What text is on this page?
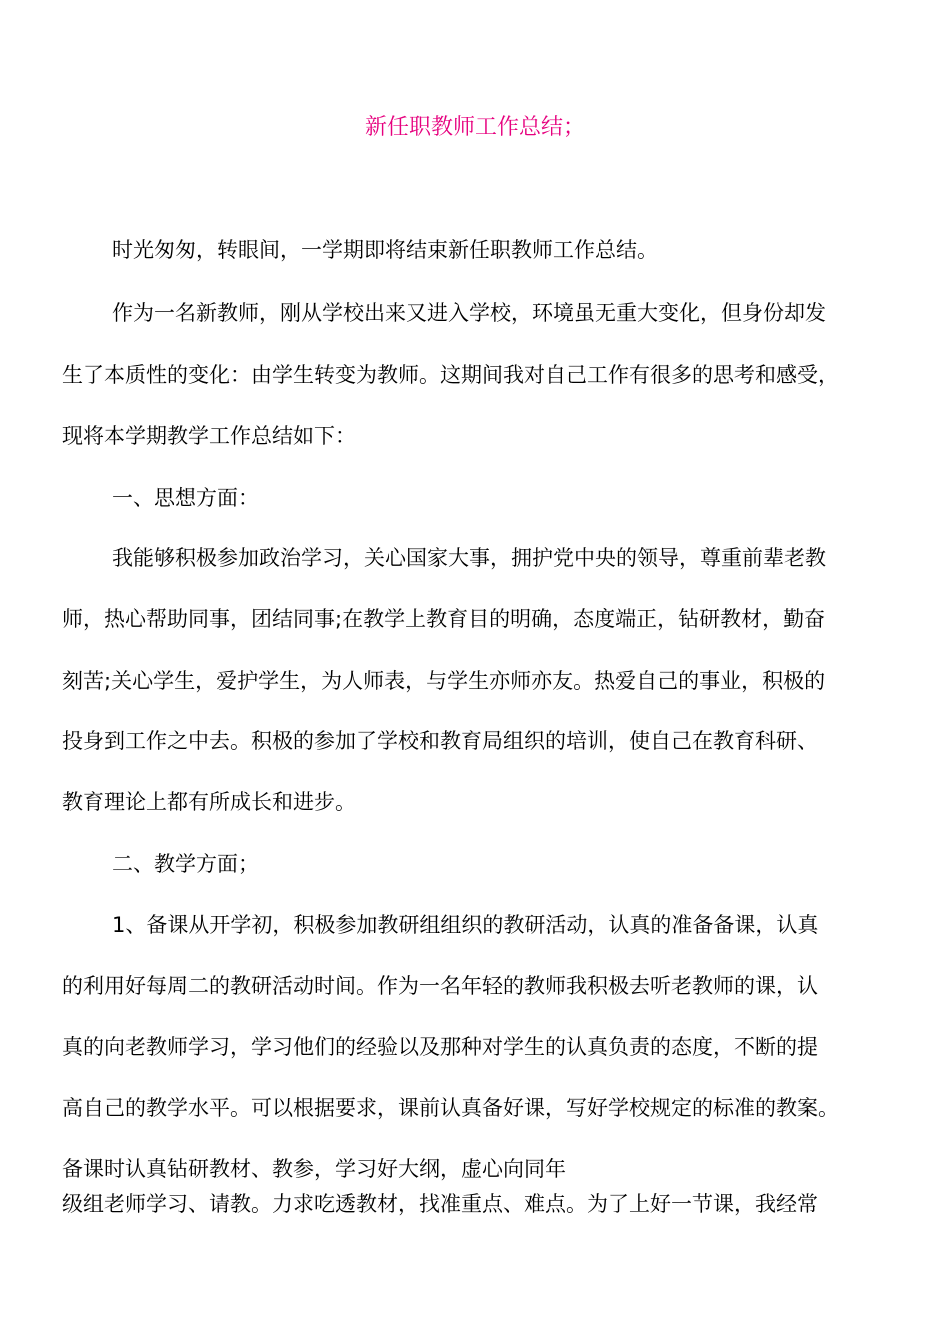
新任职教师工作总结；

时光匆匆，转眼间，一学期即将结束新任职教师工作总结。

作为一名新教师，刚从学校出来又进入学校，环境虽无重大变化，但身份却发

生了本质性的变化：由学生转变为教师。这期间我对自己工作有很多的思考和感受，

现将本学期教学工作总结如下：

一、思想方面：

我能够积极参加政治学习，关心国家大事，拥护党中央的领导，尊重前辈老教

师，热心帮助同事，团结同事;在教学上教育目的明确，态度端正，钻研教材，勤奋

刻苦;关心学生，爱护学生，为人师表，与学生亦师亦友。热爱自己的事业，积极的

投身到工作之中去。积极的参加了学校和教育局组织的培训，使自己在教育科研、

教育理论上都有所成长和进步。

二、教学方面；

1、备课从开学初，积极参加教研组组织的教研活动，认真的准备备课，认真

的利用好每周二的教研活动时间。作为一名年轻的教师我积极去听老教师的课，认

真的向老教师学习，学习他们的经验以及那种对学生的认真负责的态度，不断的提

高自己的教学水平。可以根据要求，课前认真备好课，写好学校规定的标准的教案。

备课时认真钻研教材、教参，学习好大纲，虚心向同年

级组老师学习、请教。力求吃透教材，找准重点、难点。为了上好一节课，我经常
